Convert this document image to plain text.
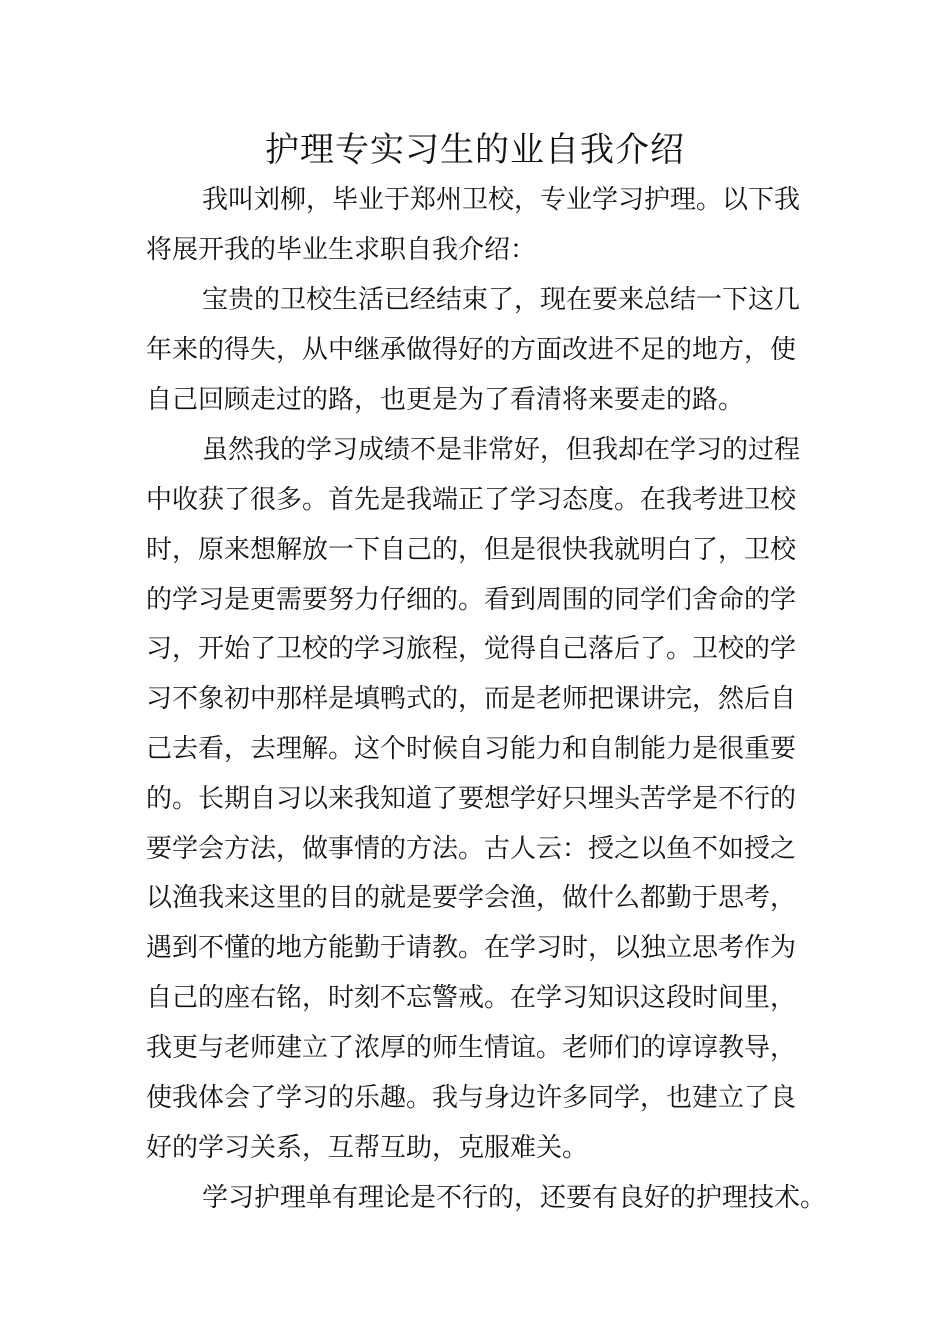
护理专实习生的业自我介绍

我叫刘柳，毕业于郑州卫校，专业学习护理。以下我

将展开我的毕业生求职自我介绍：

宝贵的卫校生活已经结束了，现在要来总结一下这几

年来的得失，从中继承做得好的方面改进不足的地方，使

自己回顾走过的路，也更是为了看清将来要走的路。

虽然我的学习成绩不是非常好，但我却在学习的过程

中收获了很多。首先是我端正了学习态度。在我考进卫校

时，原来想解放一下自己的，但是很快我就明白了，卫校

的学习是更需要努力仔细的。看到周围的同学们舍命的学

习，开始了卫校的学习旅程，觉得自己落后了。卫校的学

习不象初中那样是填鸭式的，而是老师把课讲完，然后自

己去看，去理解。这个时候自习能力和自制能力是很重要

的。长期自习以来我知道了要想学好只埋头苦学是不行的

要学会方法，做事情的方法。古人云：授之以鱼不如授之

以渔我来这里的目的就是要学会渔，做什么都勤于思考，

遇到不懂的地方能勤于请教。在学习时，以独立思考作为

自己的座右铭，时刻不忘警戒。在学习知识这段时间里，

我更与老师建立了浓厚的师生情谊。老师们的谆谆教导，

使我体会了学习的乐趣。我与身边许多同学，也建立了良

好的学习关系，互帮互助，克服难关。

学习护理单有理论是不行的，还要有良好的护理技术。
